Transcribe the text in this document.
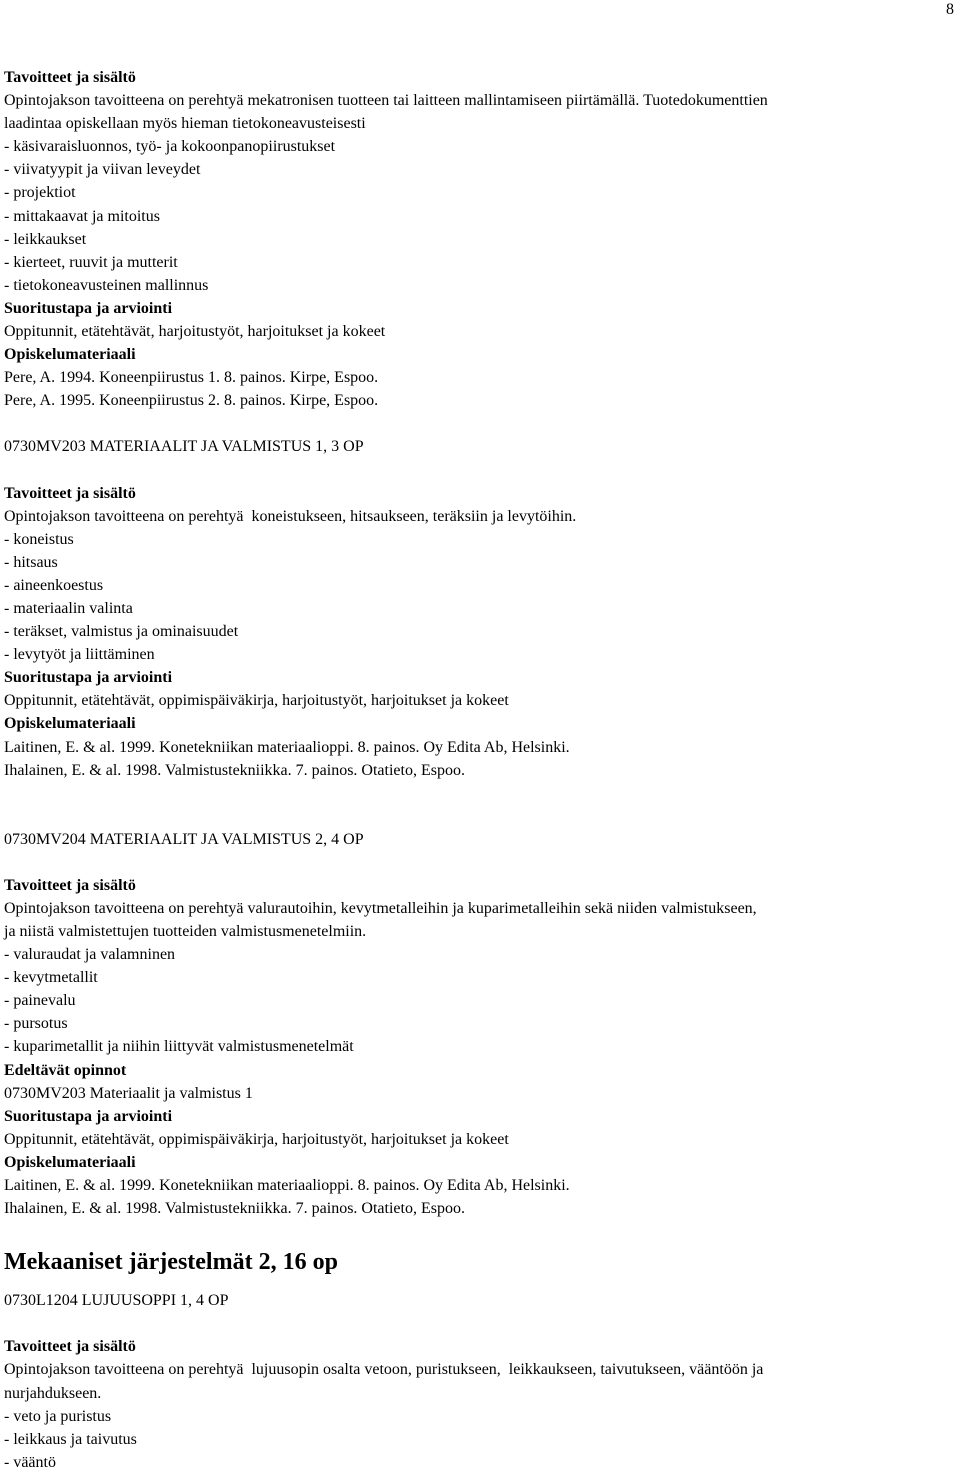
8
Tavoitteet ja sisältö
Opintojakson tavoitteena on perehtyä mekatronisen tuotteen tai laitteen mallintamiseen piirtämällä. Tuotedokumenttien
laadintaa opiskellaan myös hieman tietokoneavusteisesti
- käsivaraisluonnos, työ- ja kokoonpanopiirustukset
- viivatyypit ja viivan leveydet
- projektiot
- mittakaavat ja mitoitus
- leikkaukset
- kierteet, ruuvit ja mutterit
- tietokoneavusteinen mallinnus
Suoritustapa ja arviointi
Oppitunnit, etätehtävät, harjoitustyöt, harjoitukset ja kokeet
Opiskelumateriaali
Pere, A. 1994. Koneenpiirustus 1. 8. painos. Kirpe, Espoo.
Pere, A. 1995. Koneenpiirustus 2. 8. painos. Kirpe, Espoo.
0730MV203 MATERIAALIT JA VALMISTUS 1, 3 OP
Tavoitteet ja sisältö
Opintojakson tavoitteena on perehtyä  koneistukseen, hitsaukseen, teräksiin ja levytöihin.
- koneistus
- hitsaus
- aineenkoestus
- materiaalin valinta
- teräkset, valmistus ja ominaisuudet
- levytyöt ja liittäminen
Suoritustapa ja arviointi
Oppitunnit, etätehtävät, oppimispäiväkirja, harjoitustyöt, harjoitukset ja kokeet
Opiskelumateriaali
Laitinen, E. & al. 1999. Konetekniikan materiaalioppi. 8. painos. Oy Edita Ab, Helsinki.
Ihalainen, E. & al. 1998. Valmistustekniikka. 7. painos. Otatieto, Espoo.
0730MV204 MATERIAALIT JA VALMISTUS 2, 4 OP
Tavoitteet ja sisältö
Opintojakson tavoitteena on perehtyä valurautoihin, kevytmetalleihin ja kuparimetalleihin sekä niiden valmistukseen,
ja niistä valmistettujen tuotteiden valmistusmenetelmiin.
- valuraudat ja valamninen
- kevytmetallit
- painevalu
- pursotus
- kuparimetallit ja niihin liittyvät valmistusmenetelmät
Edeltävät opinnot
0730MV203 Materiaalit ja valmistus 1
Suoritustapa ja arviointi
Oppitunnit, etätehtävät, oppimispäiväkirja, harjoitustyöt, harjoitukset ja kokeet
Opiskelumateriaali
Laitinen, E. & al. 1999. Konetekniikan materiaalioppi. 8. painos. Oy Edita Ab, Helsinki.
Ihalainen, E. & al. 1998. Valmistustekniikka. 7. painos. Otatieto, Espoo.
Mekaaniset järjestelmät 2, 16 op
0730L1204 LUJUUSOPPI 1, 4 OP
Tavoitteet ja sisältö
Opintojakson tavoitteena on perehtyä  lujuusopin osalta vetoon, puristukseen,  leikkaukseen, taivutukseen, vääntöön ja
nurjahdukseen.
- veto ja puristus
- leikkaus ja taivutus
- vääntö
